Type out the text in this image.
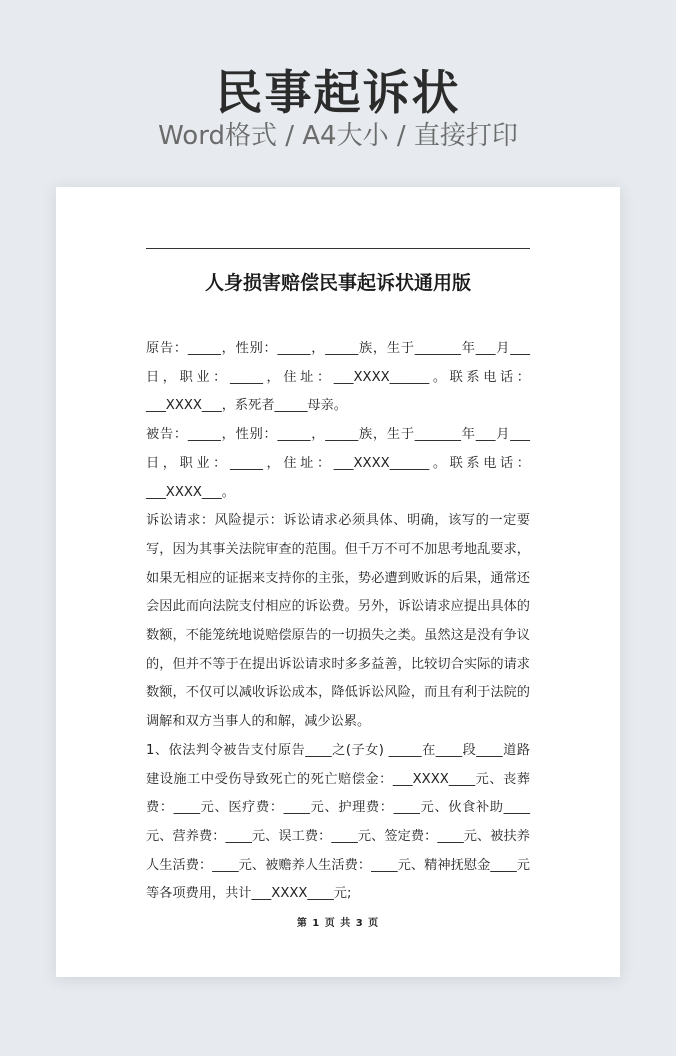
民事起诉状
Word格式 / A4大小 / 直接打印
人身损害赔偿民事起诉状通用版

原告：_____，性别：_____，_____族，生于_______年___月___日，职业：_____，住址：___XXXX______。联系电话：___XXXX___，系死者_____母亲。

被告：_____，性别：_____，_____族，生于_______年___月___日，职业：_____，住址：___XXXX______。联系电话：___XXXX___。

诉讼请求：风险提示：诉讼请求必须具体、明确，该写的一定要写，因为其事关法院审查的范围。但千万不可不加思考地乱要求，如果无相应的证据来支持你的主张，势必遭到败诉的后果，通常还会因此而向法院支付相应的诉讼费。另外，诉讼请求应提出具体的数额，不能笼统地说赔偿原告的一切损失之类。虽然这是没有争议的，但并不等于在提出诉讼请求时多多益善，比较切合实际的请求数额，不仅可以减收诉讼成本，降低诉讼风险，而且有利于法院的调解和双方当事人的和解，减少讼累。

1、依法判令被告支付原告____之(子女) _____在____段____道路建设施工中受伤导致死亡的死亡赔偿金：___XXXX____元、丧葬费：____元、医疗费：____元、护理费：____元、伙食补助____元、营养费：____元、误工费：____元、签定费：____元、被扶养人生活费：____元、被赡养人生活费：____元、精神抚慰金____元等各项费用，共计___XXXX____元;

第 1 页 共 3 页
